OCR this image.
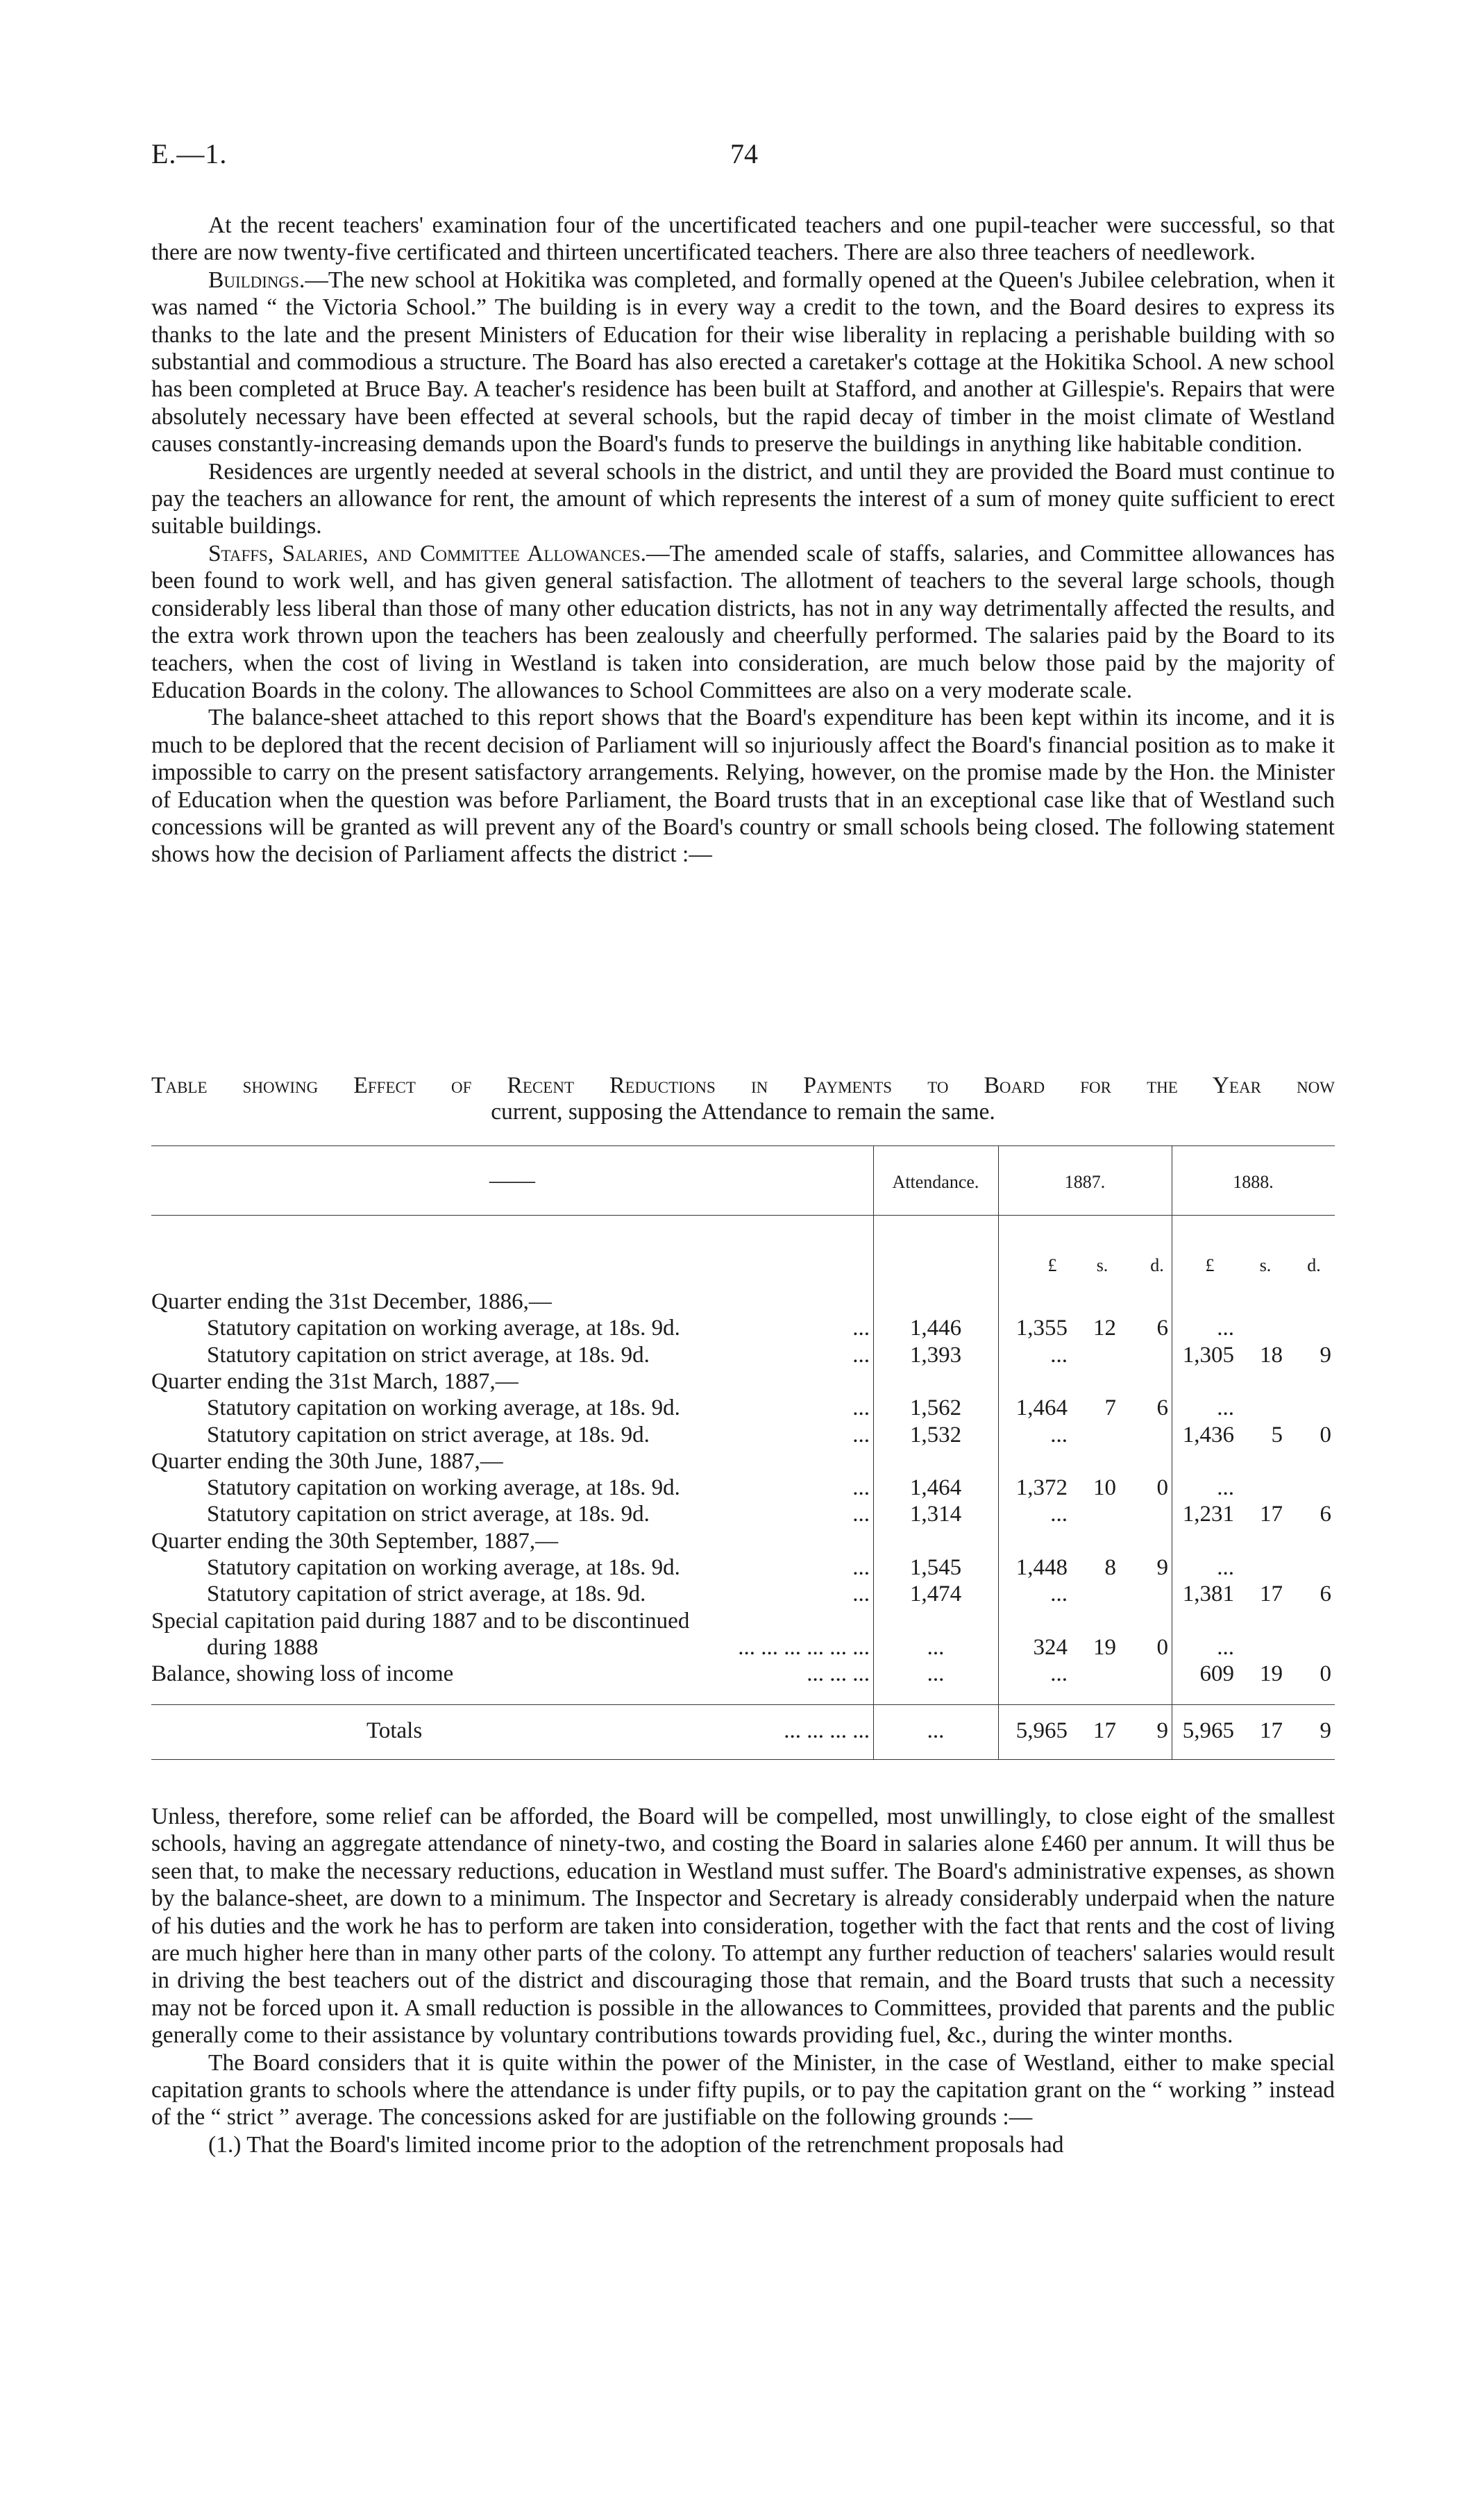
E.—1.	74

At the recent teachers' examination four of the uncertificated teachers and one pupil-teacher were successful, so that there are now twenty-five certificated and thirteen uncertificated teachers. There are also three teachers of needlework.

Buildings.—The new school at Hokitika was completed, and formally opened at the Queen's Jubilee celebration, when it was named “ the Victoria School.” The building is in every way a credit to the town, and the Board desires to express its thanks to the late and the present Ministers of Education for their wise liberality in replacing a perishable building with so substantial and commodious a structure. The Board has also erected a caretaker's cottage at the Hokitika School. A new school has been completed at Bruce Bay. A teacher's residence has been built at Stafford, and another at Gillespie's. Repairs that were absolutely necessary have been effected at several schools, but the rapid decay of timber in the moist climate of Westland causes constantly-increasing demands upon the Board's funds to preserve the buildings in anything like habitable condition.

Residences are urgently needed at several schools in the district, and until they are provided the Board must continue to pay the teachers an allowance for rent, the amount of which represents the interest of a sum of money quite sufficient to erect suitable buildings.

Staffs, Salaries, and Committee Allowances.—The amended scale of staffs, salaries, and Committee allowances has been found to work well, and has given general satisfaction. The allotment of teachers to the several large schools, though considerably less liberal than those of many other education districts, has not in any way detrimentally affected the results, and the extra work thrown upon the teachers has been zealously and cheerfully performed. The salaries paid by the Board to its teachers, when the cost of living in Westland is taken into consideration, are much below those paid by the majority of Education Boards in the colony. The allowances to School Committees are also on a very moderate scale.

The balance-sheet attached to this report shows that the Board's expenditure has been kept within its income, and it is much to be deplored that the recent decision of Parliament will so injuriously affect the Board's financial position as to make it impossible to carry on the present satisfactory arrangements. Relying, however, on the promise made by the Hon. the Minister of Education when the question was before Parliament, the Board trusts that in an exceptional case like that of Westland such concessions will be granted as will prevent any of the Board's country or small schools being closed. The following statement shows how the decision of Parliament affects the district :—

Table showing Effect of Recent Reductions in Payments to Board for the Year now
current, supposing the Attendance to remain the same.
——	Attendance.	1887.	1888.
£	s.	d.	£	s.	d.
Quarter ending the 31st December, 1886,—
Statutory capitation on working average, at 18s. 9d.	...	1,446	1,355	12	6	...
Statutory capitation on strict average, at 18s. 9d.	...	1,393	...	1,305	18	9
Quarter ending the 31st March, 1887,—
Statutory capitation on working average, at 18s. 9d.	...	1,562	1,464	7	6	...
Statutory capitation on strict average, at 18s. 9d.	...	1,532	...	1,436	5	0
Quarter ending the 30th June, 1887,—
Statutory capitation on working average, at 18s. 9d.	...	1,464	1,372	10	0	...
Statutory capitation on strict average, at 18s. 9d.	...	1,314	...	1,231	17	6
Quarter ending the 30th September, 1887,—
Statutory capitation on working average, at 18s. 9d.	...	1,545	1,448	8	9	...
Statutory capitation of strict average, at 18s. 9d.	...	1,474	...	1,381	17	6
Special capitation paid during 1887 and to be discontinued
during 1888	... ... ... ... ... ...	...	324	19	0	...
Balance, showing loss of income	... ... ...	...	...	609	19	0
Totals	... ... ... ...	...	5,965	17	9 5,965	17	9

Unless, therefore, some relief can be afforded, the Board will be compelled, most unwillingly, to close eight of the smallest schools, having an aggregate attendance of ninety-two, and costing the Board in salaries alone £460 per annum. It will thus be seen that, to make the necessary reductions, education in Westland must suffer. The Board's administrative expenses, as shown by the balance-sheet, are down to a minimum. The Inspector and Secretary is already considerably underpaid when the nature of his duties and the work he has to perform are taken into consideration, together with the fact that rents and the cost of living are much higher here than in many other parts of the colony. To attempt any further reduction of teachers' salaries would result in driving the best teachers out of the district and discouraging those that remain, and the Board trusts that such a necessity may not be forced upon it. A small reduction is possible in the allowances to Committees, provided that parents and the public generally come to their assistance by voluntary contributions towards providing fuel, &c., during the winter months.

The Board considers that it is quite within the power of the Minister, in the case of Westland, either to make special capitation grants to schools where the attendance is under fifty pupils, or to pay the capitation grant on the “ working ” instead of the “ strict ” average. The concessions asked for are justifiable on the following grounds :—

(1.) That the Board's limited income prior to the adoption of the retrenchment proposals had
